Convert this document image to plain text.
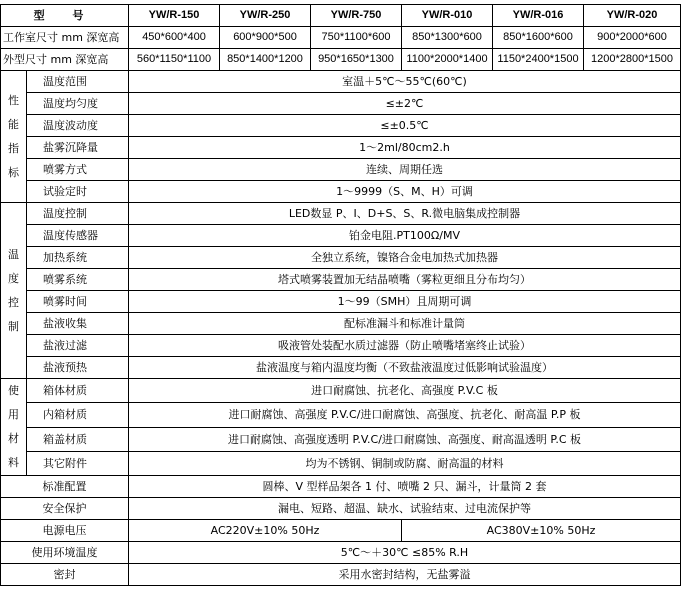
型 号		YW/R-150	YW/R-250	YW/R-750	YW/R-010	YW/R-016	YW/R-020
工作室尺寸 mm 深宽高		450*600*400	600*900*500	750*1100*600	850*1300*600	850*1600*600	900*2000*600
外型尺寸 mm 深宽高		560*1150*1100	850*1400*1200	950*1650*1300	1100*2000*1400	1150*2400*1500	1200*2800*1500

性能指标	温度范围	室温＋5℃～55℃(60℃)					
	温度均匀度	≤±2℃					
	温度波动度	≤±0.5℃					
	盐雾沉降量	1～2ml/80cm2.h					
	喷雾方式	连续、周期任选					
	试验定时	1～9999（S、M、H）可调					

温度控制	温度控制	LED数显 P、I、D+S、S、R.微电脑集成控制器					
	温度传感器	铂金电阻.PT100Ω/MV					
	加热系统	全独立系统，镍铬合金电加热式加热器					
	喷雾系统	塔式喷雾装置加无结晶喷嘴（雾粒更细且分布均匀）					
	喷雾时间	1～99（SMH）且周期可调					
	盐液收集	配标准漏斗和标准计量筒					
	盐液过滤	吸液管处装配水质过滤器（防止喷嘴堵塞终止试验）					
	盐液预热	盐液温度与箱内温度均衡（不致盐液温度过低影响试验温度）					

使用材料	箱体材质	进口耐腐蚀、抗老化、高强度 P.V.C 板					
	内箱材质	进口耐腐蚀、高强度 P.V.C/进口耐腐蚀、高强度、抗老化、耐高温 P.P 板					
	箱盖材质	进口耐腐蚀、高强度透明 P.V.C/进口耐腐蚀、高强度、耐高温透明 P.C 板					
	其它附件	均为不锈钢、铜制或防腐、耐高温的材料					
标准配置		圆棒、V 型样品架各 1 付、喷嘴 2 只、漏斗，计量筒 2 套					
安全保护		漏电、短路、超温、缺水、试验结束、过电流保护等					
电源电压		AC220V±10% 50Hz			AC380V±10% 50Hz		
使用环境温度		5℃～＋30℃ ≤85% R.H					
密封		采用水密封结构，无盐雾溢					
